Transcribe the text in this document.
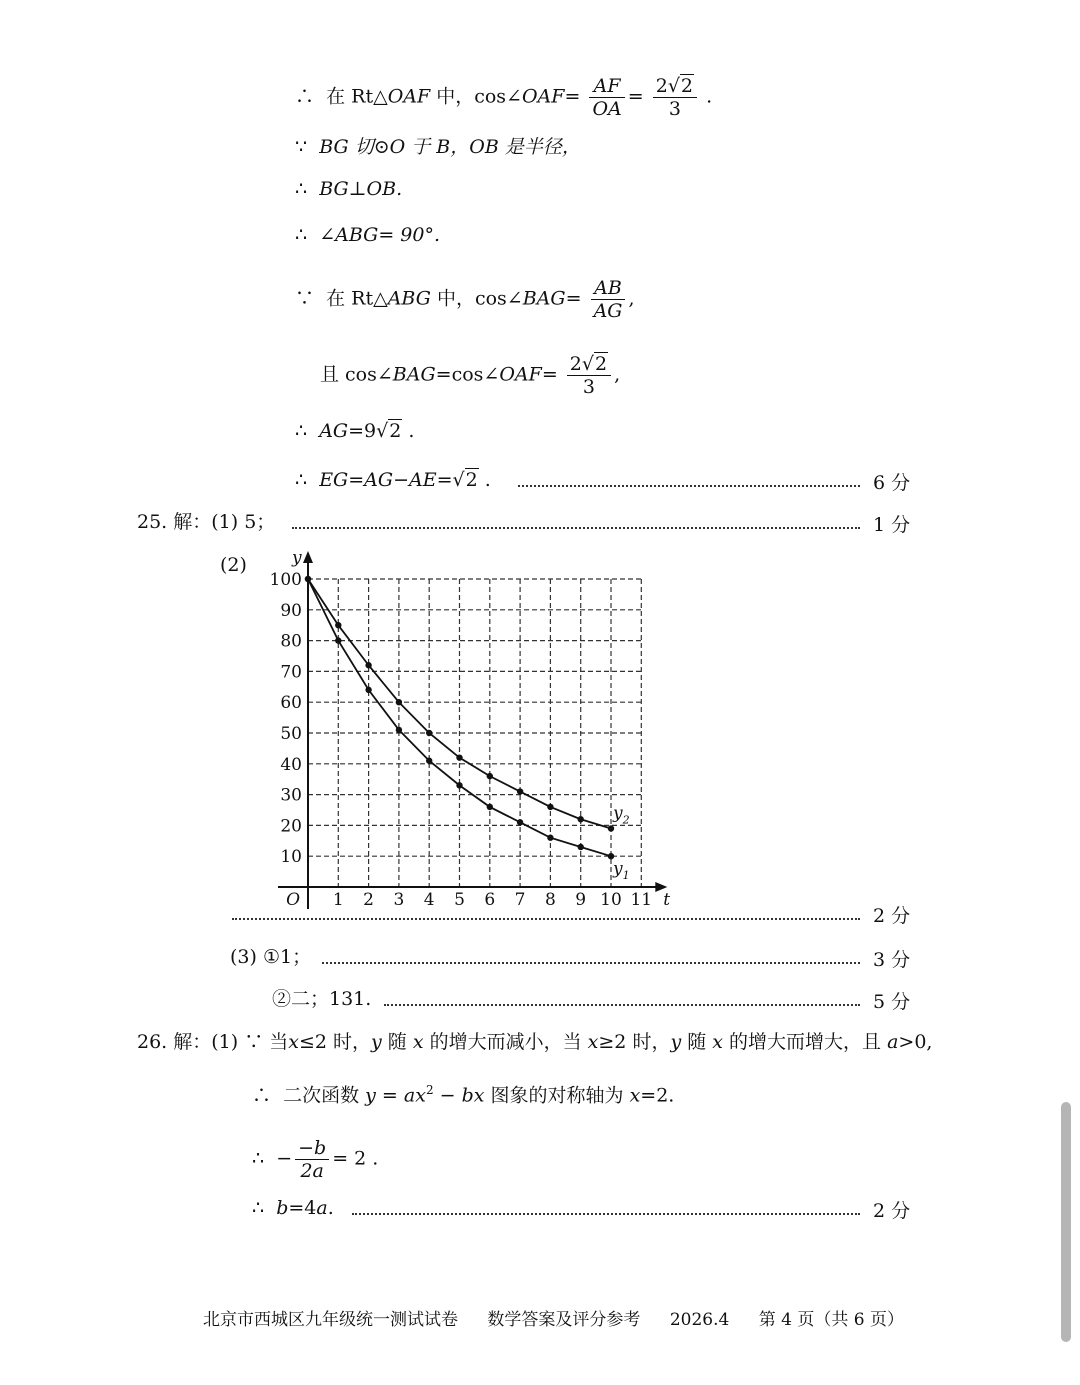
∴ 在 Rt△OAF 中，cos∠OAF= $\frac{AF}{OA} = \frac{2√2}{3}$ .
∵ BG 切⊙O 于 B，OB 是半径，
∴ BG⊥OB.
∴ ∠ABG= 90°.
∵ 在 Rt△ABG 中，cos∠BAG= $\frac{AB}{AG}$ ,
且 cos∠BAG=cos∠OAF= $\frac{2√2}{3}$ ,
∴ AG=9√2 .
∴ EG=AG−AE=√2 .	6 分
25. 解：(1) 5；	1 分
(2)
1 2 3 4 5 6 7 8 9 10 11
10
20
30
40
50
60
70
80
90
100
O	t
y
$y_2$
$y_1$
2 分
(3) ①1；	3 分
②二；131.	5 分
26. 解：(1) ∵ 当x≤2 时，y 随 x 的增大而减小，当 x≥2 时，y 随 x 的增大而增大，且 a>0,
∴ 二次函数 $y = ax^2$ − bx 图象的对称轴为 x=2.
∴ − $\frac{-b}{2a} = 2$ .
∴ b=4a.	2 分
北京市西城区九年级统一测试试卷 数学答案及评分参考 2026.4 第 4 页（共 6 页）
